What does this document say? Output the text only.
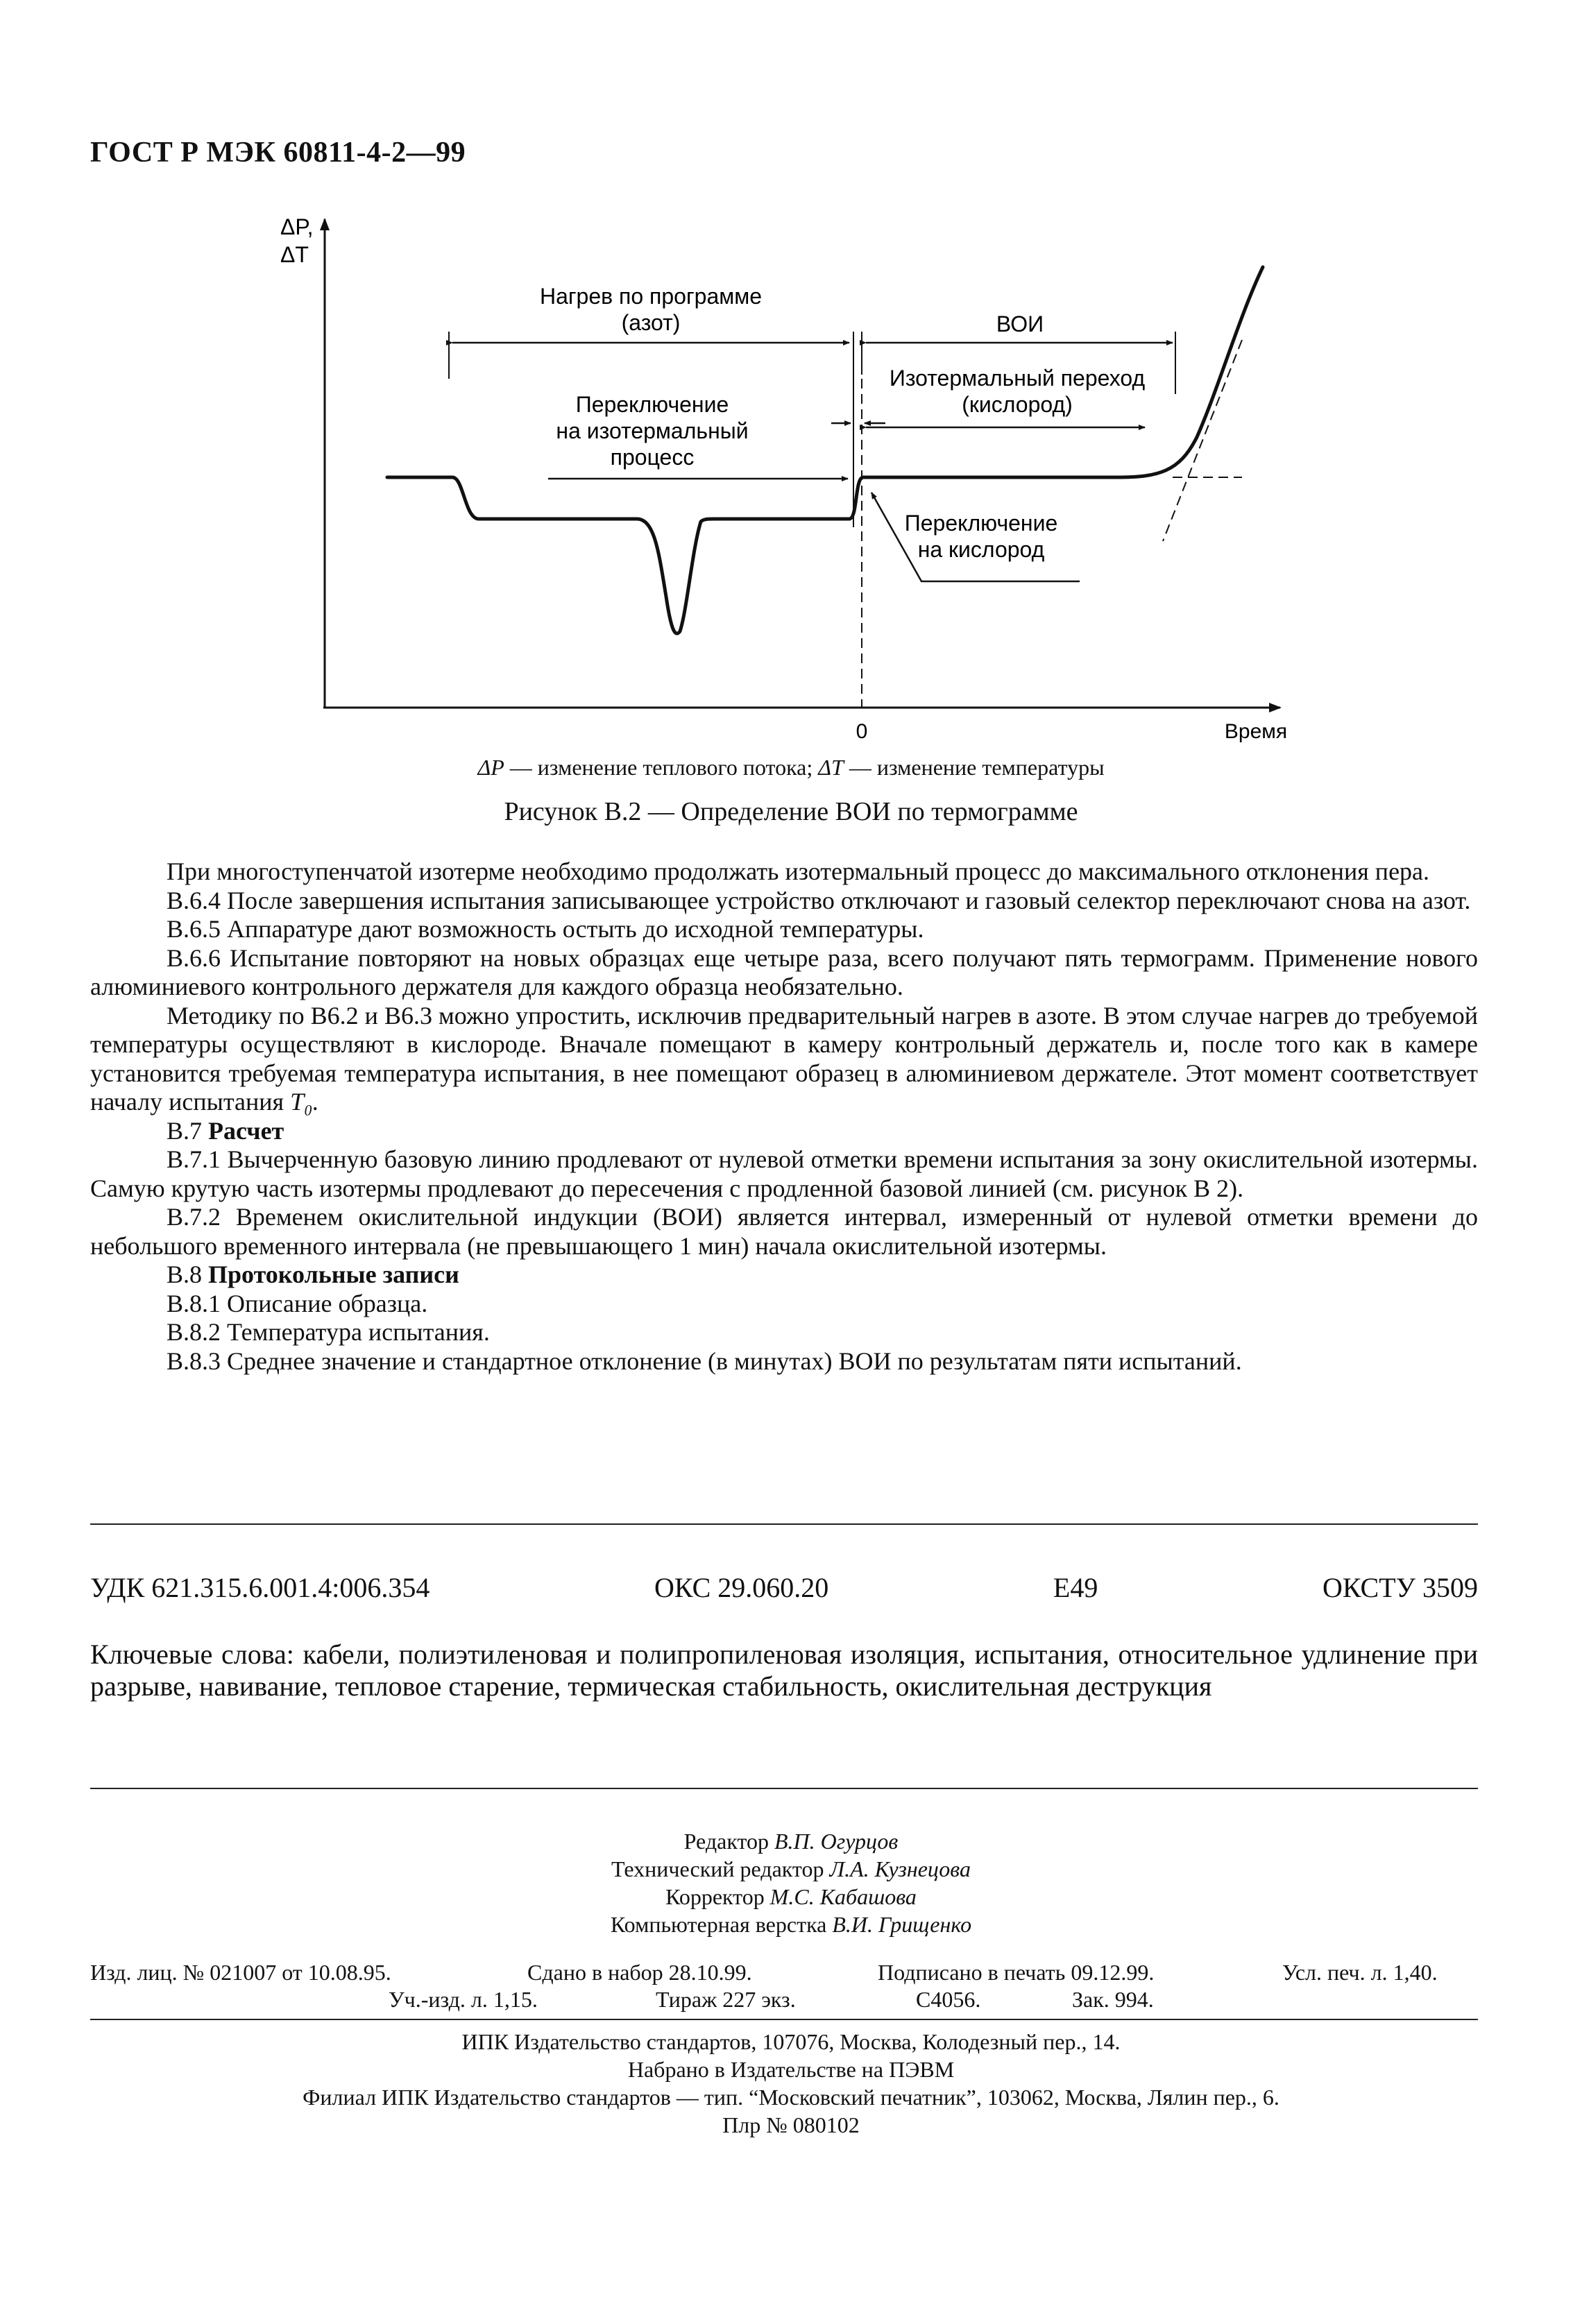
ГОСТ Р МЭК 60811-4-2—99
ΔP,
ΔT
0	Время
Нагрев по программе
(азот)	ВОИ
Изотермальный переход
(кислород)
Переключение
на изотермальный
процесс
Переключение
на кислород
ΔP — изменение теплового потока; ΔT — изменение температуры
Рисунок В.2 — Определение ВОИ по термограмме

При многоступенчатой изотерме необходимо продолжать изотермальный процесс до максимального отклонения пера.

В.6.4 После завершения испытания записывающее устройство отключают и газовый селектор переключают снова на азот.

В.6.5 Аппаратуре дают возможность остыть до исходной температуры.

В.6.6 Испытание повторяют на новых образцах еще четыре раза, всего получают пять термограмм. Применение нового алюминиевого контрольного держателя для каждого образца необязательно.

Методику по В6.2 и В6.3 можно упростить, исключив предварительный нагрев в азоте. В этом случае нагрев до требуемой температуры осуществляют в кислороде. Вначале помещают в камеру контрольный держатель и, после того как в камере установится требуемая температура испытания, в нее помещают образец в алюминиевом держателе. Этот момент соответствует началу испытания T₀.

В.7 Расчет

В.7.1 Вычерченную базовую линию продлевают от нулевой отметки времени испытания за зону окислительной изотермы. Самую крутую часть изотермы продлевают до пересечения с продленной базовой линией (см. рисунок В 2).

В.7.2 Временем окислительной индукции (ВОИ) является интервал, измеренный от нулевой отметки времени до небольшого временного интервала (не превышающего 1 мин) начала окислительной изотермы.

В.8 Протокольные записи

В.8.1 Описание образца.

В.8.2 Температура испытания.

В.8.3 Среднее значение и стандартное отклонение (в минутах) ВОИ по результатам пяти испытаний.

УДК 621.315.6.001.4:006.354	ОКС 29.060.20	Е49	ОКСТУ 3509
Ключевые слова: кабели, полиэтиленовая и полипропиленовая изоляция, испытания, относительное удлинение при разрыве, навивание, тепловое старение, термическая стабильность, окислительная деструкция
Редактор В.П. Огурцов
Технический редактор Л.А. Кузнецова
Корректор М.С. Кабашова
Компьютерная верстка В.И. Грищенко
Изд. лиц. № 021007 от 10.08.95.	Сдано в набор 28.10.99.	Подписано в печать 09.12.99.	Усл. печ. л. 1,40.
Уч.-изд. л. 1,15.	Тираж 227 экз.	С4056.	Зак. 994.
ИПК Издательство стандартов, 107076, Москва, Колодезный пер., 14.
Набрано в Издательстве на ПЭВМ
Филиал ИПК Издательство стандартов — тип. “Московский печатник”, 103062, Москва, Лялин пер., 6.
Плр № 080102
